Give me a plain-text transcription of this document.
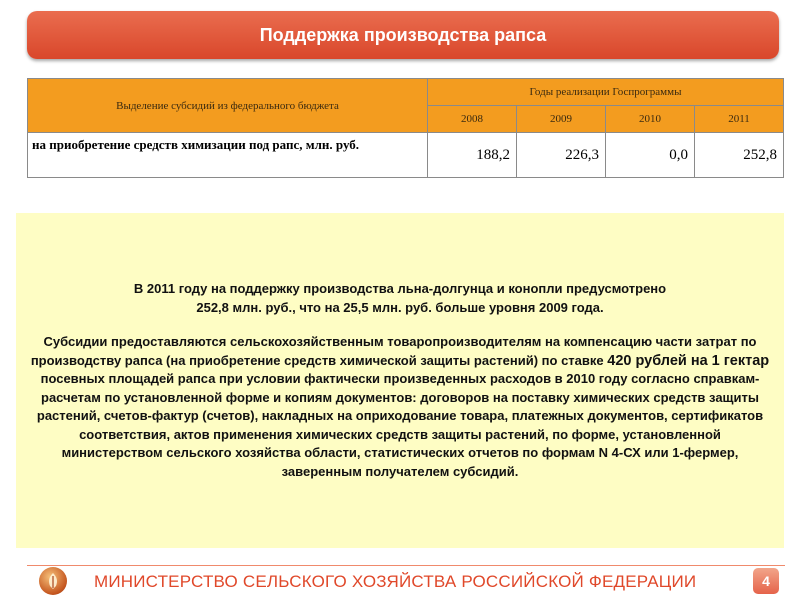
Поддержка производства рапса
Выделение субсидий из федерального бюджета	Годы реализации Госпрограммы			
	2008	2009	2010	2011
на приобретение средств химизации под рапс, млн. руб.	188,2	226,3	0,0	252,8

В 2011 году на поддержку производства льна-долгунца и конопли предусмотрено
252,8 млн. руб., что на 25,5 млн. руб. больше уровня 2009 года.

Субсидии предоставляются сельскохозяйственным товаропроизводителям на компенсацию части затрат по производству рапса (на приобретение средств химической защиты растений) по ставке 420 рублей на 1 гектар посевных площадей рапса при условии фактически произведенных расходов в 2010 году согласно справкам-расчетам по установленной форме и копиям документов: договоров на поставку химических средств защиты растений, счетов-фактур (счетов), накладных на оприходование товара, платежных документов, сертификатов соответствия, актов применения химических средств защиты растений, по форме, установленной министерством сельского хозяйства области, статистических отчетов по формам N 4-СХ или 1-фермер, заверенным получателем субсидий.

МИНИСТЕРСТВО СЕЛЬСКОГО ХОЗЯЙСТВА РОССИЙСКОЙ ФЕДЕРАЦИИ	4
